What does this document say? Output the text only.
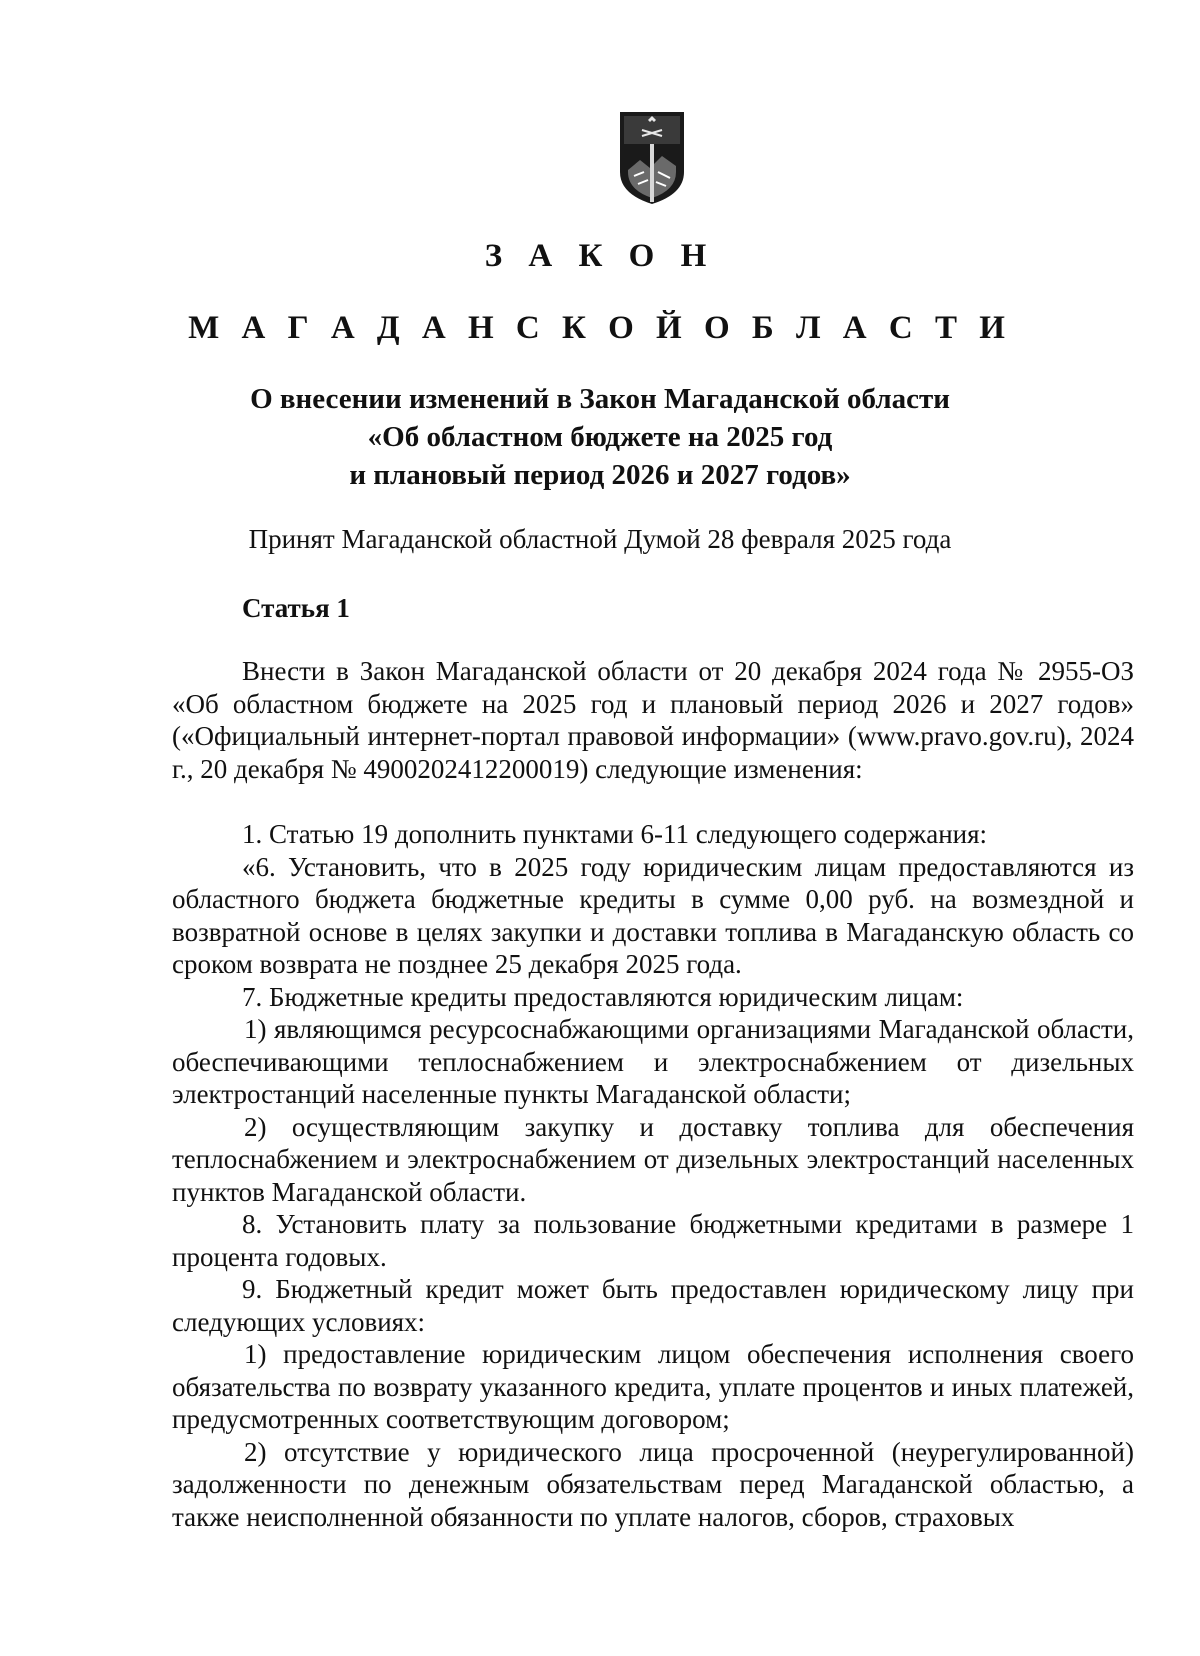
З А К О Н
М А Г А Д А Н С К О Й О Б Л А С Т И
О внесении изменений в Закон Магаданской области
«Об областном бюджете на 2025 год
и плановый период 2026 и 2027 годов»
Принят Магаданской областной Думой 28 февраля 2025 года
Статья 1

Внести в Закон Магаданской области от 20 декабря 2024 года № 2955-ОЗ «Об областном бюджете на 2025 год и плановый период 2026 и 2027 годов» («Официальный интернет-портал правовой информации» (www.pravo.gov.ru), 2024 г., 20 декабря № 4900202412200019) следующие изменения:

1. Статью 19 дополнить пунктами 6-11 следующего содержания:

«6. Установить, что в 2025 году юридическим лицам предоставляются из областного бюджета бюджетные кредиты в сумме 0,00 руб. на возмездной и возвратной основе в целях закупки и доставки топлива в Магаданскую область со сроком возврата не позднее 25 декабря 2025 года.

7. Бюджетные кредиты предоставляются юридическим лицам:

1) являющимся ресурсоснабжающими организациями Магаданской области, обеспечивающими теплоснабжением и электроснабжением от дизельных электростанций населенные пункты Магаданской области;

2) осуществляющим закупку и доставку топлива для обеспечения теплоснабжением и электроснабжением от дизельных электростанций населенных пунктов Магаданской области.

8. Установить плату за пользование бюджетными кредитами в размере 1 процента годовых.

9. Бюджетный кредит может быть предоставлен юридическому лицу при следующих условиях:

1) предоставление юридическим лицом обеспечения исполнения своего обязательства по возврату указанного кредита, уплате процентов и иных платежей, предусмотренных соответствующим договором;

2) отсутствие у юридического лица просроченной (неурегулированной) задолженности по денежным обязательствам перед Магаданской областью, а также неисполненной обязанности по уплате налогов, сборов, страховых
